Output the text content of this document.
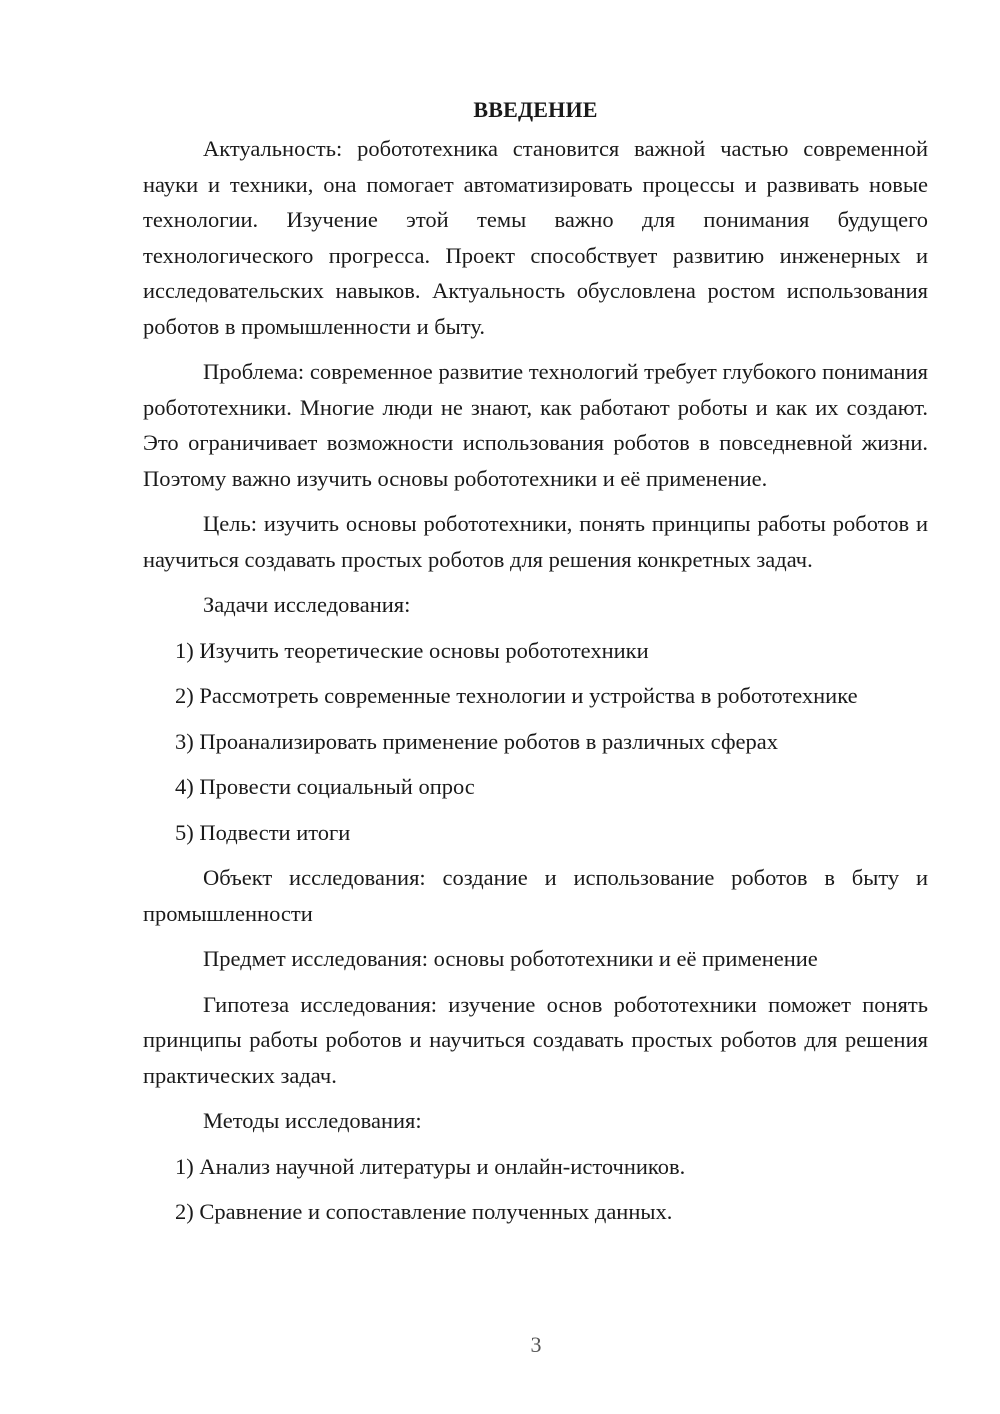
ВВЕДЕНИЕ

Актуальность: робототехника становится важной частью современной науки и техники, она помогает автоматизировать процессы и развивать новые технологии. Изучение этой темы важно для понимания будущего технологического прогресса. Проект способствует развитию инженерных и исследовательских навыков. Актуальность обусловлена ростом использования роботов в промышленности и быту.

Проблема: современное развитие технологий требует глубокого понимания робототехники. Многие люди не знают, как работают роботы и как их создают. Это ограничивает возможности использования роботов в повседневной жизни. Поэтому важно изучить основы робототехники и её применение.

Цель: изучить основы робототехники, понять принципы работы роботов и научиться создавать простых роботов для решения конкретных задач.

Задачи исследования:

1) Изучить теоретические основы робототехники

2) Рассмотреть современные технологии и устройства в робототехнике

3) Проанализировать применение роботов в различных сферах

4) Провести социальный опрос

5) Подвести итоги

Объект исследования: создание и использование роботов в быту и промышленности

Предмет исследования: основы робототехники и её применение

Гипотеза исследования: изучение основ робототехники поможет понять принципы работы роботов и научиться создавать простых роботов для решения практических задач.

Методы исследования:

1) Анализ научной литературы и онлайн-источников.

2) Сравнение и сопоставление полученных данных.

3
